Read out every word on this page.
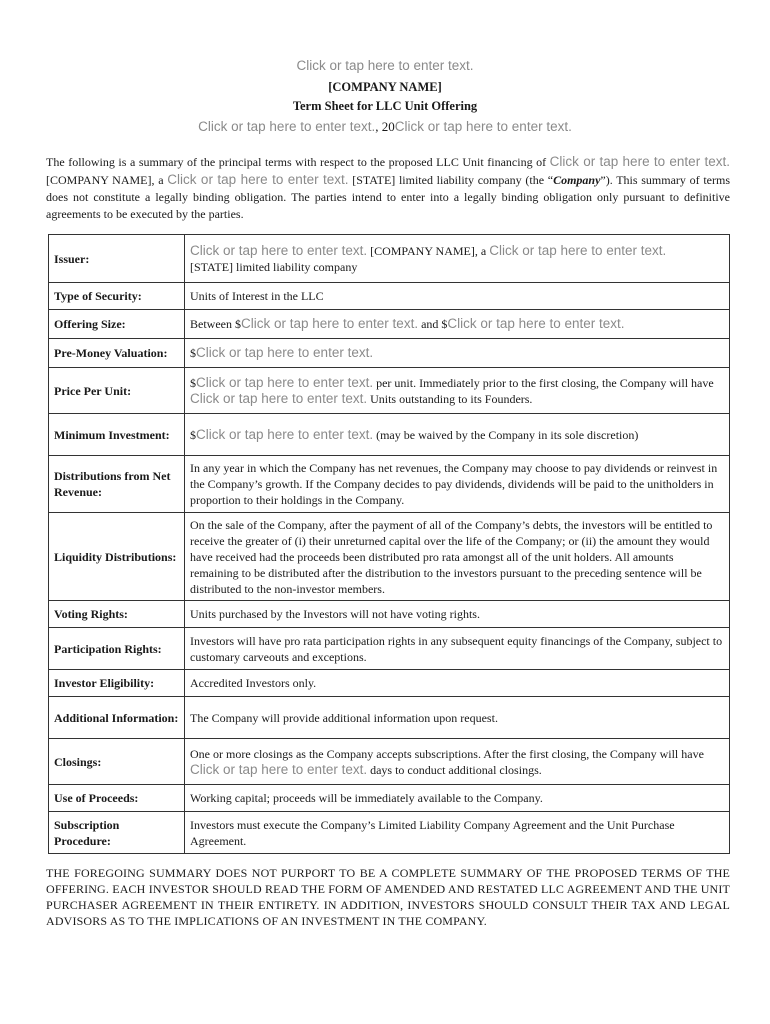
Click or tap here to enter text.
[COMPANY NAME]
Term Sheet for LLC Unit Offering
Click or tap here to enter text., 20Click or tap here to enter text.
The following is a summary of the principal terms with respect to the proposed LLC Unit financing of Click or tap here to enter text. [COMPANY NAME], a Click or tap here to enter text. [STATE] limited liability company (the “Company”). This summary of terms does not constitute a legally binding obligation. The parties intend to enter into a legally binding obligation only pursuant to definitive agreements to be executed by the parties.
Issuer:	Click or tap here to enter text. [COMPANY NAME], a Click or tap here to enter text.
[STATE] limited liability company
Type of Security:	Units of Interest in the LLC
Offering Size:	Between $Click or tap here to enter text. and $Click or tap here to enter text.
Pre-Money Valuation:	$Click or tap here to enter text.
Price Per Unit:	$Click or tap here to enter text. per unit. Immediately prior to the first closing, the Company will have Click or tap here to enter text. Units outstanding to its Founders.
Minimum Investment:	$Click or tap here to enter text. (may be waived by the Company in its sole discretion)
Distributions from Net Revenue:	In any year in which the Company has net revenues, the Company may choose to pay dividends or reinvest in the Company’s growth. If the Company decides to pay dividends, dividends will be paid to the unitholders in proportion to their holdings in the Company.
Liquidity Distributions:	On the sale of the Company, after the payment of all of the Company’s debts, the investors will be entitled to receive the greater of (i) their unreturned capital over the life of the Company; or (ii) the amount they would have received had the proceeds been distributed pro rata amongst all of the unit holders. All amounts remaining to be distributed after the distribution to the investors pursuant to the preceding sentence will be distributed to the non-investor members.
Voting Rights:	Units purchased by the Investors will not have voting rights.
Participation Rights:	Investors will have pro rata participation rights in any subsequent equity financings of the Company, subject to customary carveouts and exceptions.
Investor Eligibility:	Accredited Investors only.
Additional Information:	The Company will provide additional information upon request.
Closings:	One or more closings as the Company accepts subscriptions. After the first closing, the Company will have Click or tap here to enter text. days to conduct additional closings.
Use of Proceeds:	Working capital; proceeds will be immediately available to the Company.
Subscription Procedure:	Investors must execute the Company’s Limited Liability Company Agreement and the Unit Purchase Agreement.
THE FOREGOING SUMMARY DOES NOT PURPORT TO BE A COMPLETE SUMMARY OF THE PROPOSED TERMS OF THE OFFERING. EACH INVESTOR SHOULD READ THE FORM OF AMENDED AND RESTATED LLC AGREEMENT AND THE UNIT PURCHASER AGREEMENT IN THEIR ENTIRETY. IN ADDITION, INVESTORS SHOULD CONSULT THEIR TAX AND LEGAL ADVISORS AS TO THE IMPLICATIONS OF AN INVESTMENT IN THE COMPANY.
